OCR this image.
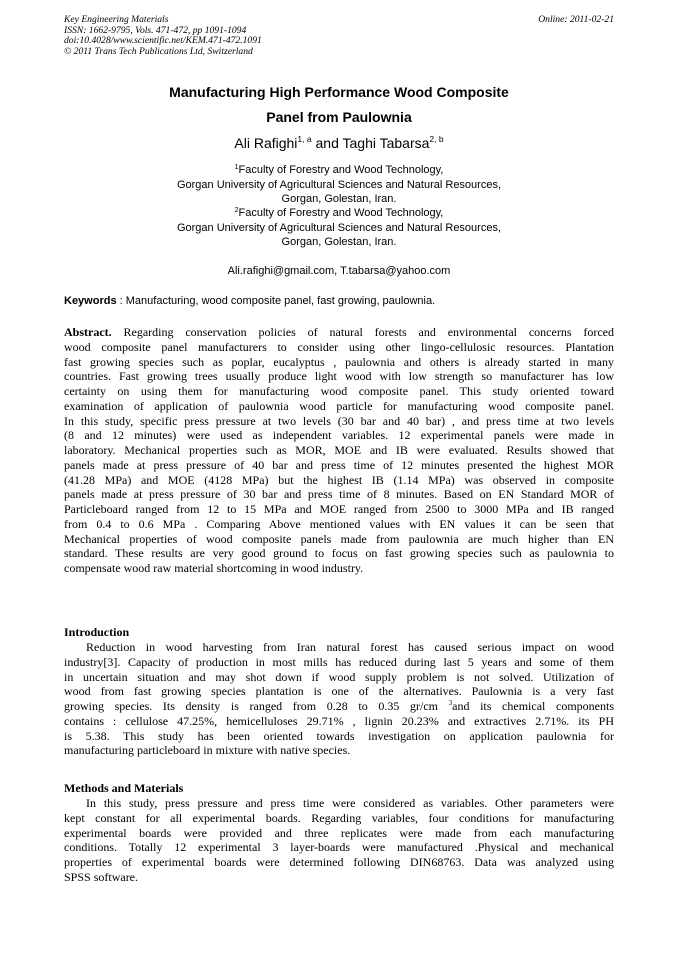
Key Engineering Materials
ISSN: 1662-9795, Vols. 471-472, pp 1091-1094
doi:10.4028/www.scientific.net/KEM.471-472.1091
© 2011 Trans Tech Publications Ltd, Switzerland
Online: 2011-02-21
Manufacturing High Performance Wood Composite
Panel from Paulownia
Ali Rafighi$^{1, a}$ and Taghi Tabarsa$^{2, b}$
$^1$Faculty of Forestry and Wood Technology,
Gorgan University of Agricultural Sciences and Natural Resources,
Gorgan, Golestan, Iran.
$^2$Faculty of Forestry and Wood Technology,
Gorgan University of Agricultural Sciences and Natural Resources,
Gorgan, Golestan, Iran.
Ali.rafighi@gmail.com, T.tabarsa@yahoo.com
Keywords : Manufacturing, wood composite panel, fast growing, paulownia.
Abstract. Regarding conservation policies of natural forests and environmental concerns forced
wood composite panel manufacturers to consider using other lingo-cellulosic resources. Plantation
fast growing species such as poplar, eucalyptus , paulownia and others is already started in many
countries. Fast growing trees usually produce light wood with low strength so manufacturer has low
certainty on using them for manufacturing wood composite panel. This study oriented toward
examination of application of paulownia wood particle for manufacturing wood composite panel.
In this study, specific press pressure at two levels (30 bar and 40 bar) , and press time at two levels
(8 and 12 minutes) were used as independent variables. 12 experimental panels were made in
laboratory. Mechanical properties such as MOR, MOE and IB were evaluated. Results showed that
panels made at press pressure of 40 bar and press time of 12 minutes presented the highest MOR
(41.28 MPa) and MOE (4128 MPa) but the highest IB (1.14 MPa) was observed in composite
panels made at press pressure of 30 bar and press time of 8 minutes. Based on EN Standard MOR of
Particleboard ranged from 12 to 15 MPa and MOE ranged from 2500 to 3000 MPa and IB ranged
from 0.4 to 0.6 MPa . Comparing Above mentioned values with EN values it can be seen that
Mechanical properties of wood composite panels made from paulownia are much higher than EN
standard. These results are very good ground to focus on fast growing species such as paulownia to
compensate wood raw material shortcoming in wood industry.
Introduction
Reduction in wood harvesting from Iran natural forest has caused serious impact on wood
industry[3]. Capacity of production in most mills has reduced during last 5 years and some of them
in uncertain situation and may shot down if wood supply problem is not solved. Utilization of
wood from fast growing species plantation is one of the alternatives. Paulownia is a very fast
growing species. Its density is ranged from 0.28 to 0.35 gr/cm $^3$and its chemical components
contains : cellulose 47.25%, hemicelluloses 29.71% , lignin 20.23% and extractives 2.71%. its PH
is 5.38. This study has been oriented towards investigation on application paulownia for
manufacturing particleboard in mixture with native species.
Methods and Materials
In this study, press pressure and press time were considered as variables. Other parameters were
kept constant for all experimental boards. Regarding variables, four conditions for manufacturing
experimental boards were provided and three replicates were made from each manufacturing
conditions. Totally 12 experimental 3 layer-boards were manufactured .Physical and mechanical
properties of experimental boards were determined following DIN68763. Data was analyzed using
SPSS software.
